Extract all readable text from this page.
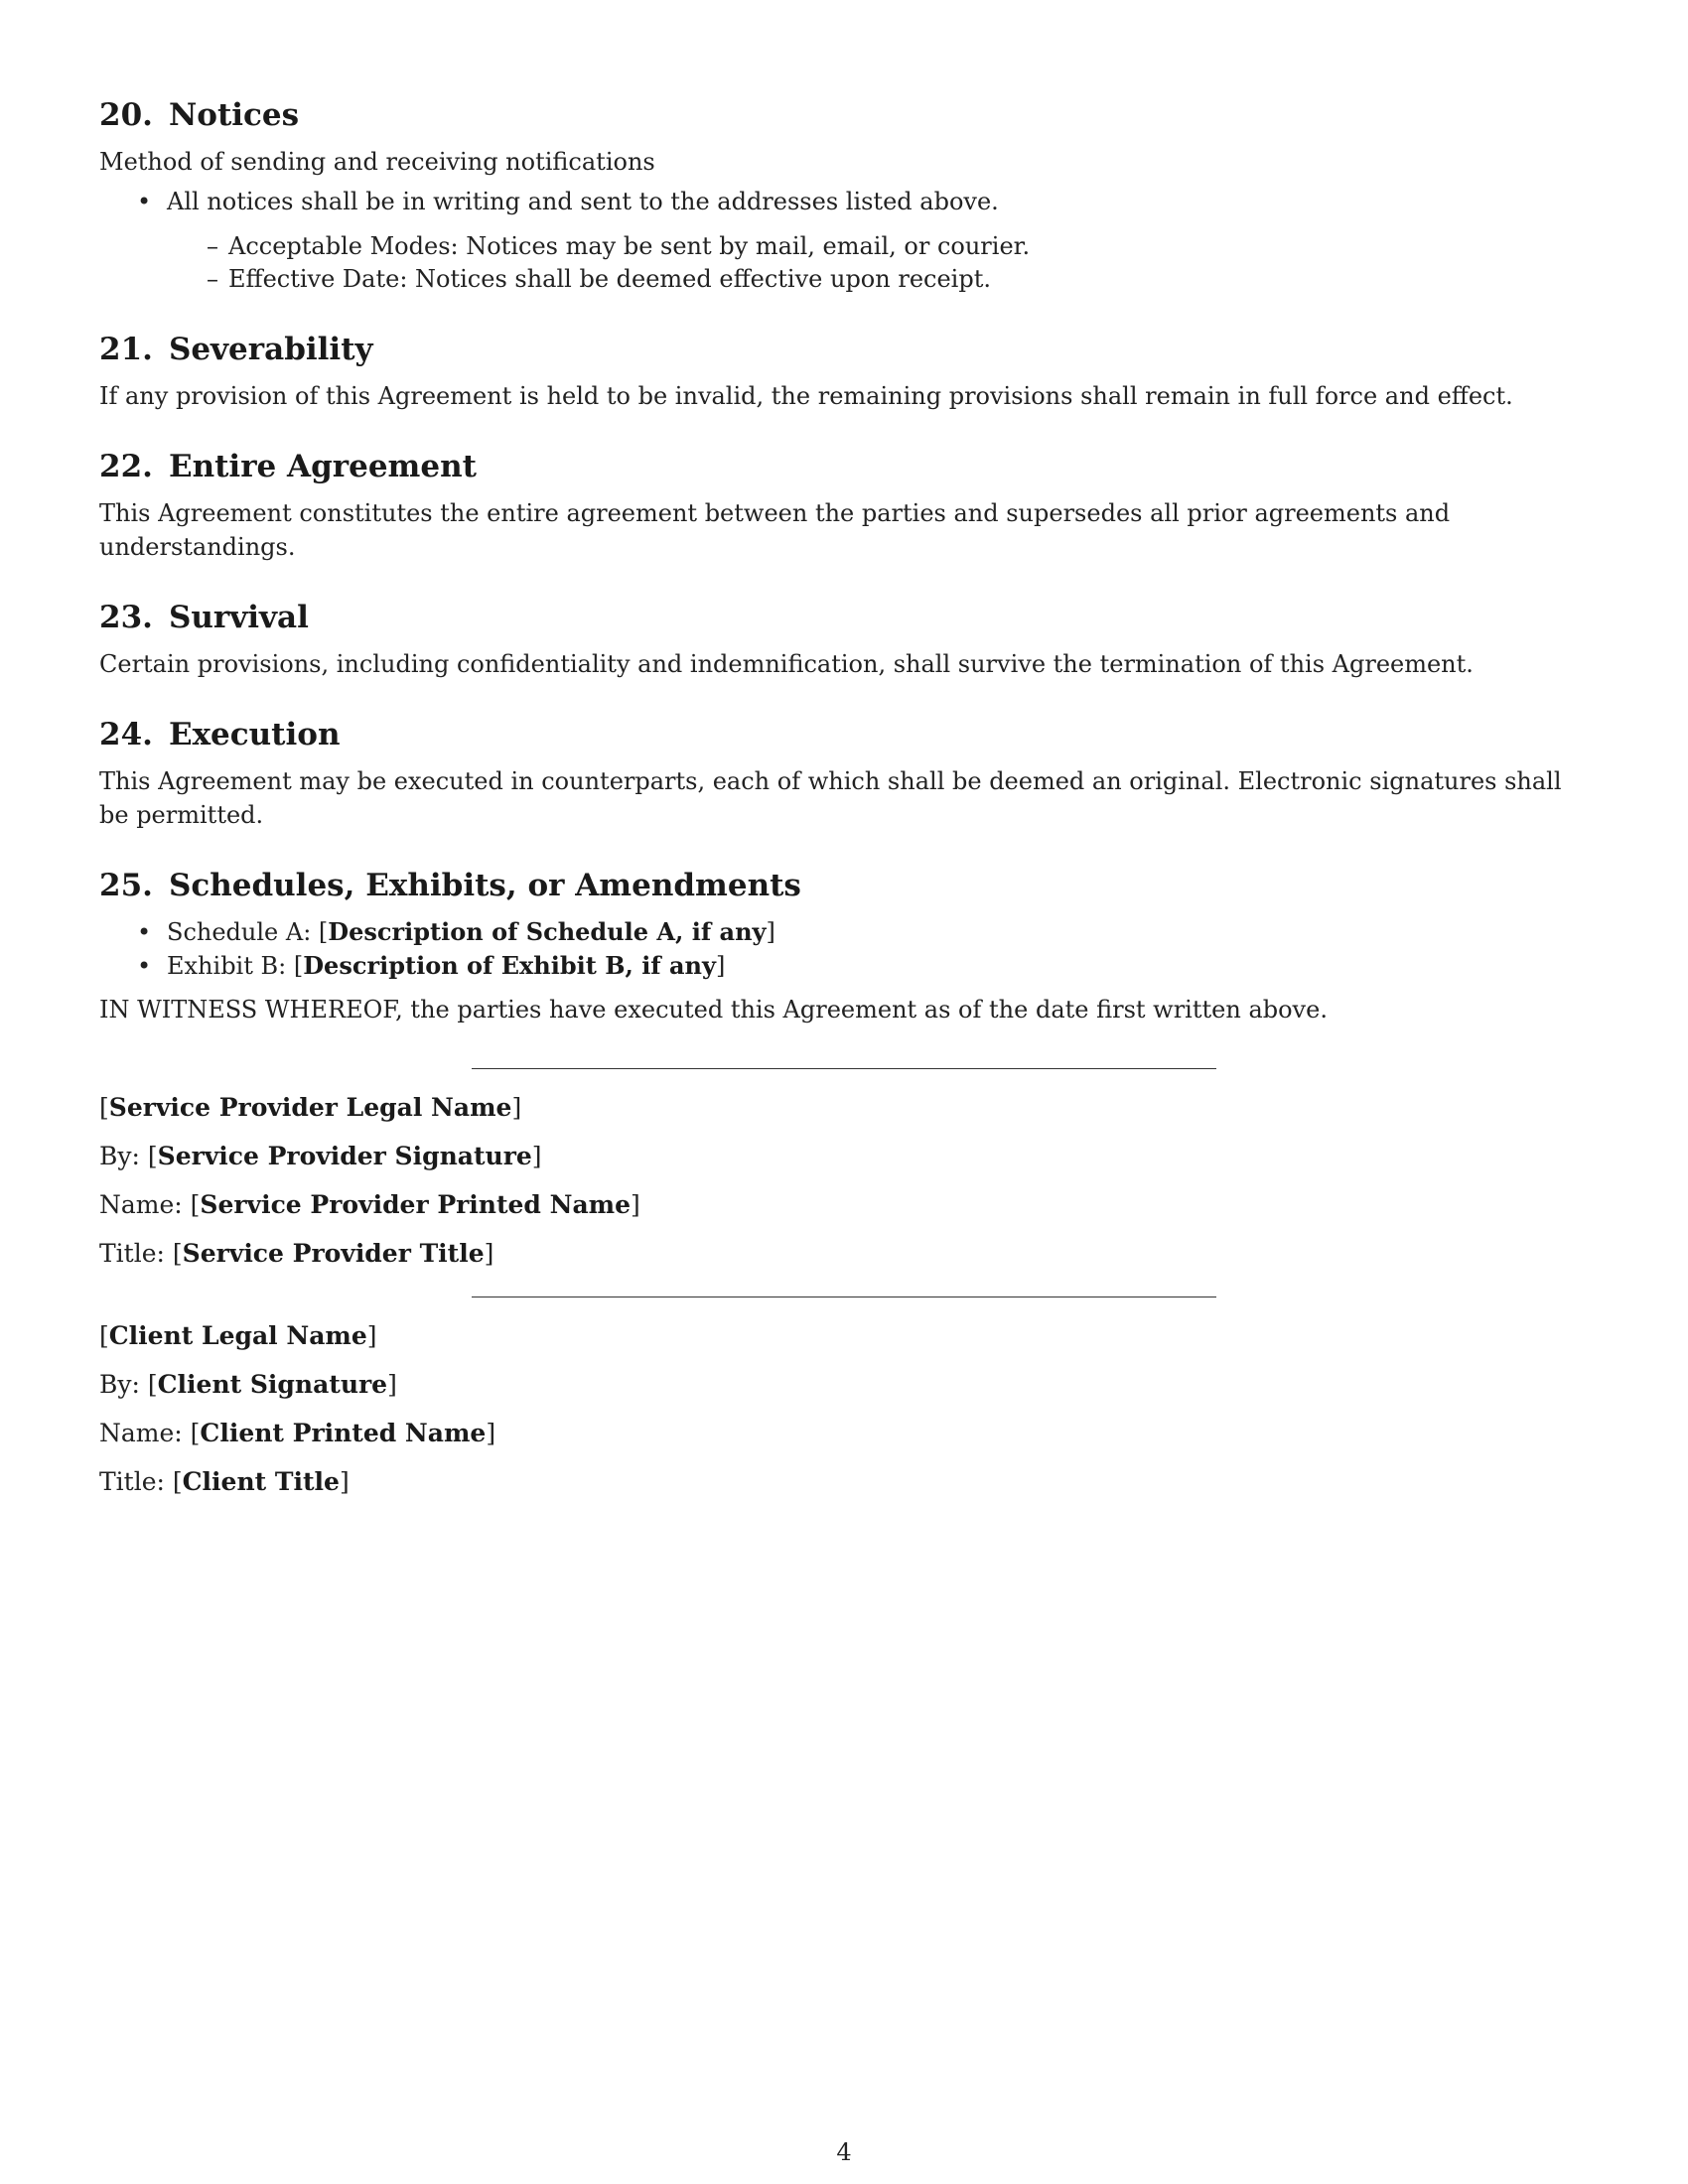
20. Notices

Method of sending and receiving notifications

• All notices shall be in writing and sent to the addresses listed above.
– Acceptable Modes: Notices may be sent by mail, email, or courier.
– Effective Date: Notices shall be deemed effective upon receipt.
21. Severability

If any provision of this Agreement is held to be invalid, the remaining provisions shall remain in full force and effect.

22. Entire Agreement

This Agreement constitutes the entire agreement between the parties and supersedes all prior agreements and understandings.

23. Survival

Certain provisions, including confidentiality and indemnification, shall survive the termination of this Agreement.

24. Execution

This Agreement may be executed in counterparts, each of which shall be deemed an original. Electronic signatures shall be permitted.

25. Schedules, Exhibits, or Amendments
• Schedule A: [Description of Schedule A, if any]
• Exhibit B: [Description of Exhibit B, if any]

IN WITNESS WHEREOF, the parties have executed this Agreement as of the date first written above.

[Service Provider Legal Name]

By: [Service Provider Signature]

Name: [Service Provider Printed Name]

Title: [Service Provider Title]

[Client Legal Name]

By: [Client Signature]

Name: [Client Printed Name]

Title: [Client Title]

4
